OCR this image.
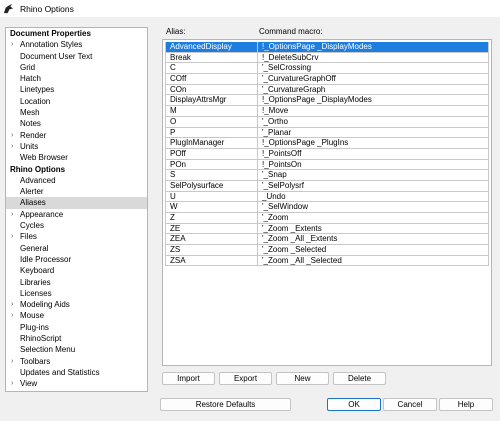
Rhino Options
Document Properties
› Annotation Styles
Document User Text
Grid
Hatch
Linetypes
Location
Mesh
Notes
› Render
› Units
Web Browser
Rhino Options
Advanced
Alerter
Aliases
› Appearance
Cycles
› Files
General
Idle Processor
Keyboard
Libraries
Licenses
› Modeling Aids
› Mouse
Plug-ins
RhinoScript
Selection Menu
› Toolbars
Updates and Statistics
› View
Alias:	Command macro:
AdvancedDisplay	!_OptionsPage _DisplayModes
Break	!_DeleteSubCrv
C	'_SelCrossing
COff	'_CurvatureGraphOff
COn	'_CurvatureGraph
DisplayAttrsMgr	!_OptionsPage _DisplayModes
M	!_Move
O	'_Ortho
P	'_Planar
PlugInManager	!_OptionsPage _PlugIns
POff	!_PointsOff
POn	!_PointsOn
S	'_Snap
SelPolysurface	'_SelPolysrf
U	_Undo
W	'_SelWindow
Z	'_Zoom
ZE	'_Zoom _Extents
ZEA	'_Zoom _All _Extents
ZS	'_Zoom _Selected
ZSA	'_Zoom _All _Selected
Import	Export	New	Delete
Restore Defaults	OK	Cancel	Help
